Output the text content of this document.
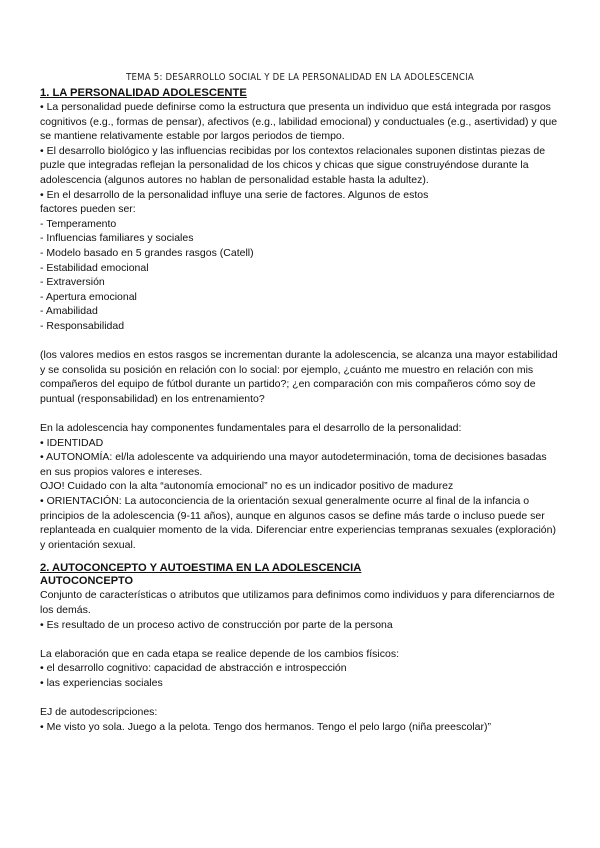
TEMA 5: DESARROLLO SOCIAL Y DE LA PERSONALIDAD EN LA ADOLESCENCIA
1. LA PERSONALIDAD ADOLESCENTE

• La personalidad puede definirse como la estructura que presenta un individuo que está integrada por rasgos cognitivos (e.g., formas de pensar), afectivos (e.g., labilidad emocional) y conductuales (e.g., asertividad) y que se mantiene relativamente estable por largos periodos de tiempo.

• El desarrollo biológico y las influencias recibidas por los contextos relacionales suponen distintas piezas de puzle que integradas reflejan la personalidad de los chicos y chicas que sigue construyéndose durante la adolescencia (algunos autores no hablan de personalidad estable hasta la adultez).

• En el desarrollo de la personalidad influye una serie de factores. Algunos de estos

factores pueden ser:

- Temperamento

- Influencias familiares y sociales

- Modelo basado en 5 grandes rasgos (Catell)

- Estabilidad emocional

- Extraversión

- Apertura emocional

- Amabilidad

- Responsabilidad

(los valores medios en estos rasgos se incrementan durante la adolescencia, se alcanza una mayor estabilidad y se consolida su posición en relación con lo social: por ejemplo, ¿cuánto me muestro en relación con mis compañeros del equipo de fútbol durante un partido?; ¿en comparación con mis compañeros cómo soy de puntual (responsabilidad) en los entrenamiento?

En la adolescencia hay componentes fundamentales para el desarrollo de la personalidad:

• IDENTIDAD

• AUTONOMÍA: el/la adolescente va adquiriendo una mayor autodeterminación, toma de decisiones basadas en sus propios valores e intereses.

OJO! Cuidado con la alta “autonomía emocional” no es un indicador positivo de madurez

• ORIENTACIÓN: La autoconciencia de la orientación sexual generalmente ocurre al final de la infancia o principios de la adolescencia (9-11 años), aunque en algunos casos se define más tarde o incluso puede ser replanteada en cualquier momento de la vida. Diferenciar entre experiencias tempranas sexuales (exploración) y orientación sexual.

2. AUTOCONCEPTO Y AUTOESTIMA EN LA ADOLESCENCIA
AUTOCONCEPTO

Conjunto de características o atributos que utilizamos para definimos como individuos y para diferenciarnos de los demás.

• Es resultado de un proceso activo de construcción por parte de la persona

La elaboración que en cada etapa se realice depende de los cambios físicos:

• el desarrollo cognitivo: capacidad de abstracción e introspección

• las experiencias sociales

EJ de autodescripciones:

• Me visto yo sola. Juego a la pelota. Tengo dos hermanos. Tengo el pelo largo (niña preescolar)”
